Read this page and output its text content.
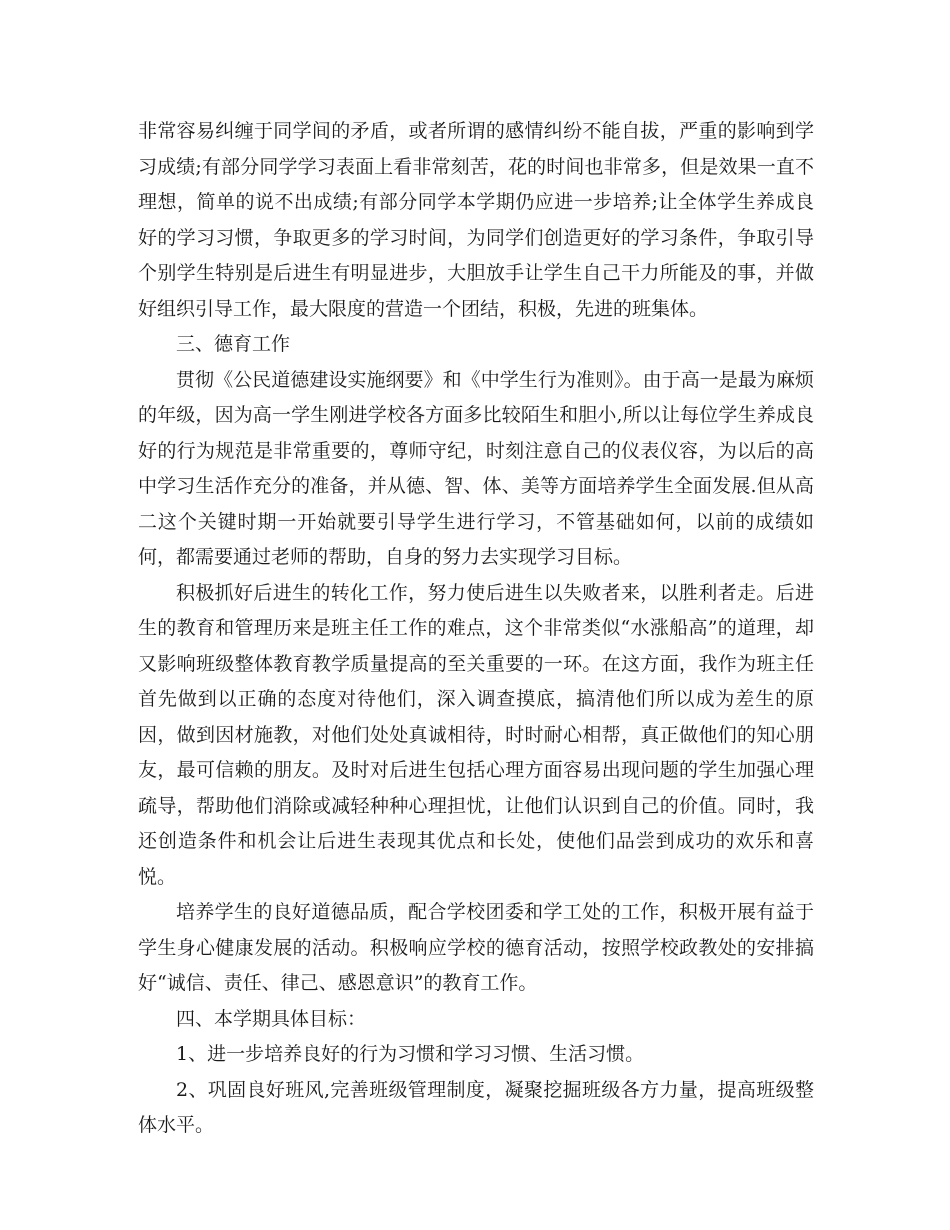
非常容易纠缠于同学间的矛盾，或者所谓的感情纠纷不能自拔，严重的影响到学习成绩;有部分同学学习表面上看非常刻苦，花的时间也非常多，但是效果一直不理想，简单的说不出成绩;有部分同学本学期仍应进一步培养;让全体学生养成良好的学习习惯，争取更多的学习时间，为同学们创造更好的学习条件，争取引导个别学生特别是后进生有明显进步，大胆放手让学生自己干力所能及的事，并做好组织引导工作，最大限度的营造一个团结，积极，先进的班集体。

三、德育工作

贯彻《公民道德建设实施纲要》和《中学生行为准则》。由于高一是最为麻烦的年级，因为高一学生刚进学校各方面多比较陌生和胆小,所以让每位学生养成良好的行为规范是非常重要的，尊师守纪，时刻注意自己的仪表仪容，为以后的高中学习生活作充分的准备，并从德、智、体、美等方面培养学生全面发展.但从高二这个关键时期一开始就要引导学生进行学习，不管基础如何，以前的成绩如何，都需要通过老师的帮助，自身的努力去实现学习目标。

积极抓好后进生的转化工作，努力使后进生以失败者来，以胜利者走。后进生的教育和管理历来是班主任工作的难点，这个非常类似“水涨船高”的道理，却又影响班级整体教育教学质量提高的至关重要的一环。在这方面，我作为班主任首先做到以正确的态度对待他们，深入调查摸底，搞清他们所以成为差生的原因，做到因材施教，对他们处处真诚相待，时时耐心相帮，真正做他们的知心朋友，最可信赖的朋友。及时对后进生包括心理方面容易出现问题的学生加强心理疏导，帮助他们消除或减轻种种心理担忧，让他们认识到自己的价值。同时，我还创造条件和机会让后进生表现其优点和长处，使他们品尝到成功的欢乐和喜悦。

培养学生的良好道德品质，配合学校团委和学工处的工作，积极开展有益于学生身心健康发展的活动。积极响应学校的德育活动，按照学校政教处的安排搞好“诚信、责任、律己、感恩意识”的教育工作。

四、本学期具体目标：

1、进一步培养良好的行为习惯和学习习惯、生活习惯。

2、巩固良好班风,完善班级管理制度，凝聚挖掘班级各方力量，提高班级整体水平。
